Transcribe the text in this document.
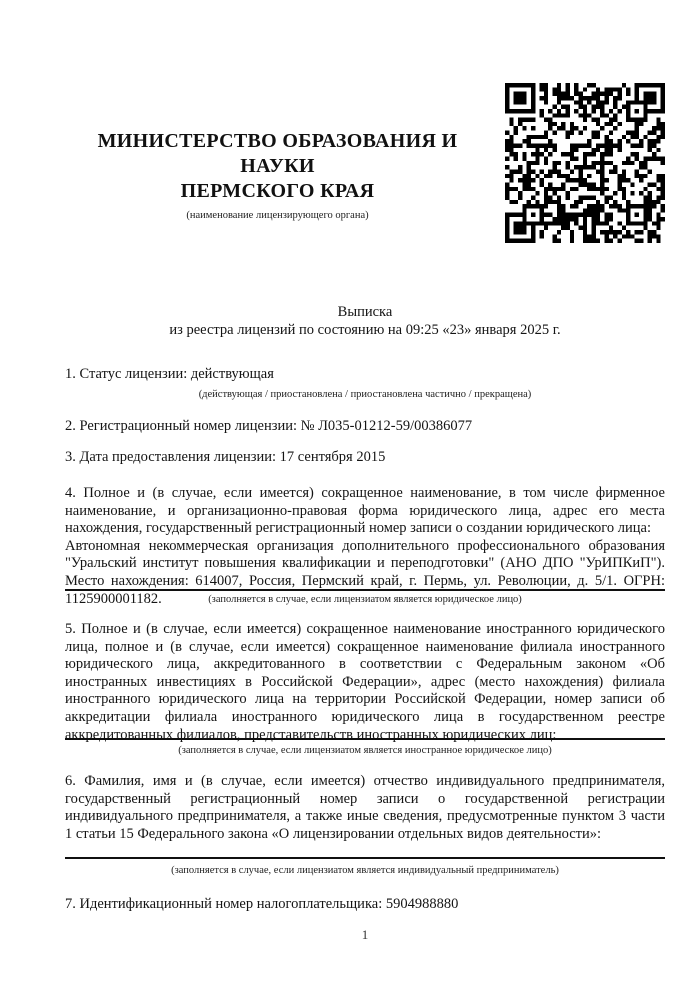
МИНИСТЕРСТВО ОБРАЗОВАНИЯ И НАУКИ
ПЕРМСКОГО КРАЯ
(наименование лицензирующего органа)
Выписка
из реестра лицензий по состоянию на 09:25 «23» января 2025 г.
1. Статус лицензии: действующая
(действующая / приостановлена / приостановлена частично / прекращена)
2. Регистрационный номер лицензии: № Л035-01212-59/00386077
3. Дата предоставления лицензии: 17 сентября 2015
4. Полное и (в случае, если имеется) сокращенное наименование, в том числе фирменное наименование, и организационно-правовая форма юридического лица, адрес его места нахождения, государственный регистрационный номер записи о создании юридического лица:
Автономная некоммерческая организация дополнительного профессионального образования "Уральский институт повышения квалификации и переподготовки" (АНО ДПО "УрИПКиП"). Место нахождения: 614007, Россия, Пермский край, г. Пермь, ул. Революции, д. 5/1. ОГРН: 1125900001182.	(заполняется в случае, если лицензиатом является юридическое лицо)
5. Полное и (в случае, если имеется) сокращенное наименование иностранного юридического лица, полное и (в случае, если имеется) сокращенное наименование филиала иностранного юридического лица, аккредитованного в соответствии с Федеральным законом «Об иностранных инвестициях в Российской Федерации», адрес (место нахождения) филиала иностранного юридического лица на территории Российской Федерации, номер записи об аккредитации филиала иностранного юридического лица в государственном реестре аккредитованных филиалов, представительств иностранных юридических лиц:
(заполняется в случае, если лицензиатом является иностранное юридическое лицо)
6. Фамилия, имя и (в случае, если имеется) отчество индивидуального предпринимателя, государственный регистрационный номер записи о государственной регистрации индивидуального предпринимателя, а также иные сведения, предусмотренные пунктом 3 части 1 статьи 15 Федерального закона «О лицензировании отдельных видов деятельности»:
(заполняется в случае, если лицензиатом является индивидуальный предприниматель)
7. Идентификационный номер налогоплательщика: 5904988880
1
